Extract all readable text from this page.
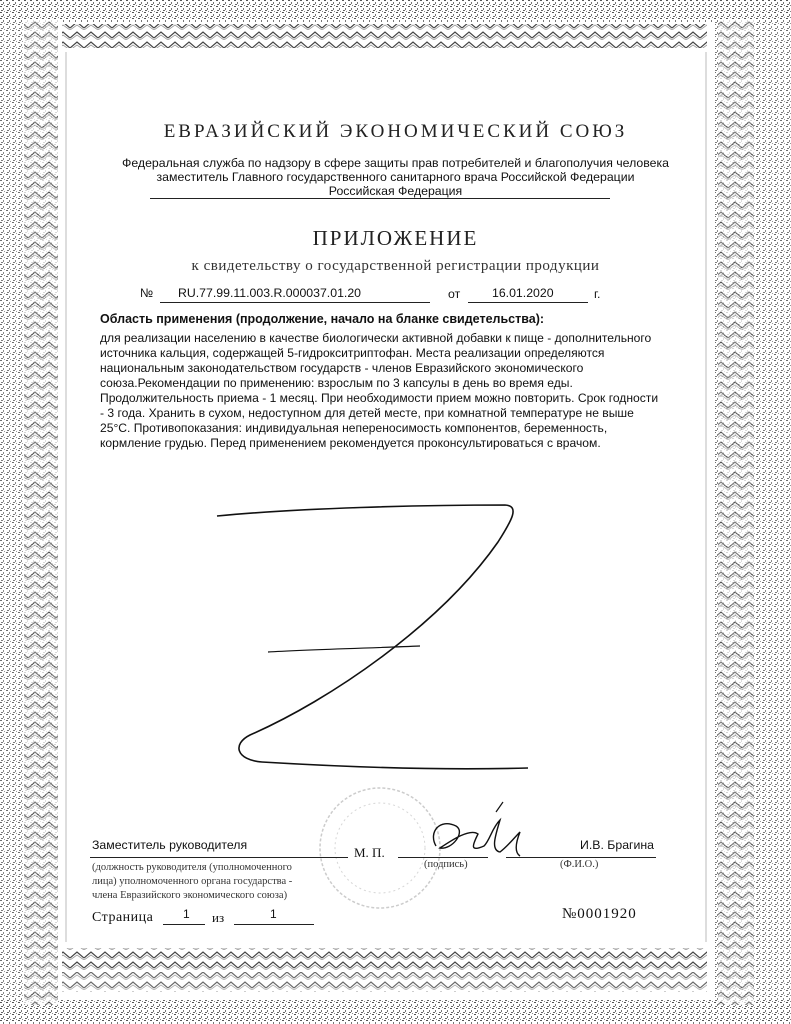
ЕВРАЗИЙСКИЙ ЭКОНОМИЧЕСКИЙ СОЮЗ
Федеральная служба по надзору в сфере защиты прав потребителей и благополучия человека
заместитель Главного государственного санитарного врача Российской Федерации
Российская Федерация
ПРИЛОЖЕНИЕ
к свидетельству о государственной регистрации продукции
№ RU.77.99.11.003.R.000037.01.20	от	16.01.2020	г.
Область применения (продолжение, начало на бланке свидетельства):
для реализации населению в качестве биологически активной добавки к пище - дополнительного
источника кальция, содержащей 5-гидрокситриптофан. Места реализации определяются
национальным законодательством государств - членов Евразийского экономического
союза.Рекомендации по применению: взрослым по 3 капсулы в день во время еды.
Продолжительность приема - 1 месяц. При необходимости прием можно повторить. Срок годности
- 3 года. Хранить в сухом, недоступном для детей месте, при комнатной температуре не выше
25°С. Противопоказания: индивидуальная непереносимость компонентов, беременность,
кормление грудью. Перед применением рекомендуется проконсультироваться с врачом.
Заместитель руководителя	М. П.	И.В. Брагина
(должность руководителя (уполномоченного
лица) уполномоченного органа государства -
члена Евразийского экономического союза)
(подпись)	(Ф.И.О.)
Страница 1 из	1	№0001920
